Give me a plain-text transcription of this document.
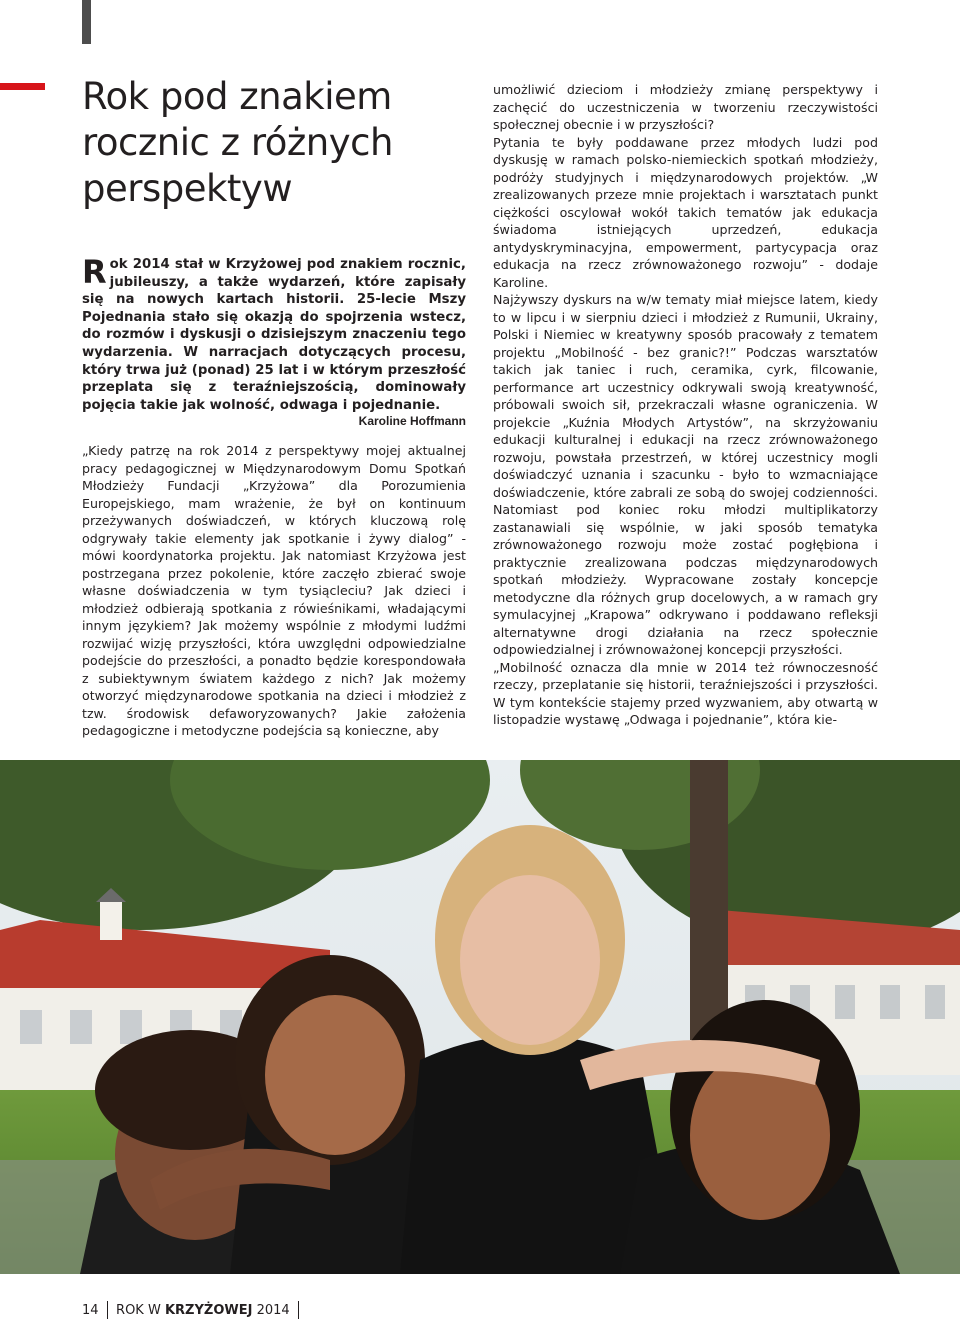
Rok pod znakiem rocznic z różnych perspektyw

Rok 2014 stał w Krzyżowej pod znakiem rocznic, jubileuszy, a także wydarzeń, które zapisały się na nowych kartach historii. 25-lecie Mszy Pojednania stało się okazją do spojrzenia wstecz, do rozmów i dyskusji o dzisiejszym znaczeniu tego wydarzenia. W narracjach dotyczących procesu, który trwa już (ponad) 25 lat i w którym przeszłość przeplata się z teraźniejszością, dominowały pojęcia takie jak wolność, odwaga i pojednanie.

Karoline Hoffmann

„Kiedy patrzę na rok 2014 z perspektywy mojej aktualnej pracy pedagogicznej w Międzynarodowym Domu Spotkań Młodzieży Fundacji „Krzyżowa” dla Porozumienia Europejskiego, mam wrażenie, że był on kontinuum przeżywanych doświadczeń, w których kluczową rolę odgrywały takie elementy jak spotkanie i żywy dialog” - mówi koordynatorka projektu. Jak natomiast Krzyżowa jest postrzegana przez pokolenie, które zaczęło zbierać swoje własne doświadczenia w tym tysiącleciu? Jak dzieci i młodzież odbierają spotkania z rówieśnikami, władającymi innym językiem? Jak możemy wspólnie z młodymi ludźmi rozwijać wizję przyszłości, która uwzględni odpowiedzialne podejście do przeszłości, a ponadto będzie korespondowała z subiektywnym światem każdego z nich? Jak możemy otworzyć międzynarodowe spotkania na dzieci i młodzież z tzw. środowisk defaworyzowanych? Jakie założenia pedagogiczne i metodyczne podejścia są konieczne, aby

umożliwić dzieciom i młodzieży zmianę perspektywy i zachęcić do uczestniczenia w tworzeniu rzeczywistości społecznej obecnie i w przyszłości?

Pytania te były poddawane przez młodych ludzi pod dyskusję w ramach polsko-niemieckich spotkań młodzieży, podróży studyjnych i międzynarodowych projektów. „W zrealizowanych przeze mnie projektach i warsztatach punkt ciężkości oscylował wokół takich tematów jak edukacja świadoma istniejących uprzedzeń, edukacja antydyskryminacyjna, empowerment, partycypacja oraz edukacja na rzecz zrównoważonego rozwoju” - dodaje Karoline.

Najżywszy dyskurs na w/w tematy miał miejsce latem, kiedy to w lipcu i w sierpniu dzieci i młodzież z Rumunii, Ukrainy, Polski i Niemiec w kreatywny sposób pracowały z tematem projektu „Mobilność - bez granic?!” Podczas warsztatów takich jak taniec i ruch, ceramika, cyrk, filcowanie, performance art uczestnicy odkrywali swoją kreatywność, próbowali swoich sił, przekraczali własne ograniczenia. W projekcie „Kuźnia Młodych Artystów”, na skrzyżowaniu edukacji kulturalnej i edukacji na rzecz zrównoważonego rozwoju, powstała przestrzeń, w której uczestnicy mogli doświadczyć uznania i szacunku - było to wzmacniające doświadczenie, które zabrali ze sobą do swojej codzienności. Natomiast pod koniec roku młodzi multiplikatorzy zastanawiali się wspólnie, w jaki sposób tematyka zrównoważonego rozwoju może zostać pogłębiona i praktycznie zrealizowana podczas międzynarodowych spotkań młodzieży. Wypracowane zostały koncepcje metodyczne dla różnych grup docelowych, a w ramach gry symulacyjnej „Krapowa” odkrywano i poddawano refleksji alternatywne drogi działania na rzecz społecznie odpowiedzialnej i zrównoważonej koncepcji przyszłości.

„Mobilność oznacza dla mnie w 2014 też równoczesność rzeczy, przeplatanie się historii, teraźniejszości i przyszłości. W tym kontekście stajemy przed wyzwaniem, aby otwartą w listopadzie wystawę „Odwaga i pojednanie”, która kie-

14 ROK W KRZYŻOWEJ 2014
